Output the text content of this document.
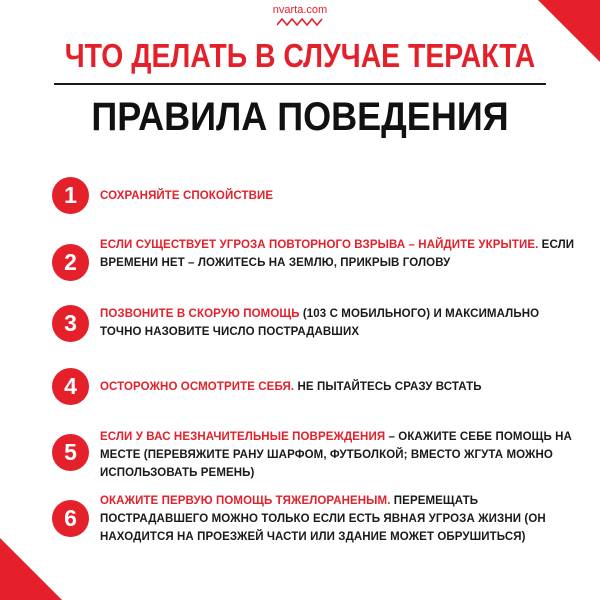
nvarta.com
ЧТО ДЕЛАТЬ В СЛУЧАЕ ТЕРАКТА
ПРАВИЛА ПОВЕДЕНИЯ
1	СОХРАНЯЙТЕ СПОКОЙСТВИЕ
2
ЕСЛИ СУЩЕСТВУЕТ УГРОЗА ПОВТОРНОГО ВЗРЫВА – НАЙДИТЕ УКРЫТИЕ. ЕСЛИ ВРЕМЕНИ НЕТ – ЛОЖИТЕСЬ НА ЗЕМЛЮ, ПРИКРЫВ ГОЛОВУ
3	ПОЗВОНИТЕ В СКОРУЮ ПОМОЩЬ (103 С МОБИЛЬНОГО) И МАКСИМАЛЬНО ТОЧНО НАЗОВИТЕ ЧИСЛО ПОСТРАДАВШИХ
4	ОСТОРОЖНО ОСМОТРИТЕ СЕБЯ. НЕ ПЫТАЙТЕСЬ СРАЗУ ВСТАТЬ
5
ЕСЛИ У ВАС НЕЗНАЧИТЕЛЬНЫЕ ПОВРЕЖДЕНИЯ – ОКАЖИТЕ СЕБЕ ПОМОЩЬ НА МЕСТЕ (ПЕРЕВЯЖИТЕ РАНУ ШАРФОМ, ФУТБОЛКОЙ; ВМЕСТО ЖГУТА МОЖНО ИСПОЛЬЗОВАТЬ РЕМЕНЬ)
6
ОКАЖИТЕ ПЕРВУЮ ПОМОЩЬ ТЯЖЕЛОРАНЕНЫМ. ПЕРЕМЕЩАТЬ ПОСТРАДАВШЕГО МОЖНО ТОЛЬКО ЕСЛИ ЕСТЬ ЯВНАЯ УГРОЗА ЖИЗНИ (ОН НАХОДИТСЯ НА ПРОЕЗЖЕЙ ЧАСТИ ИЛИ ЗДАНИЕ МОЖЕТ ОБРУШИТЬСЯ)
